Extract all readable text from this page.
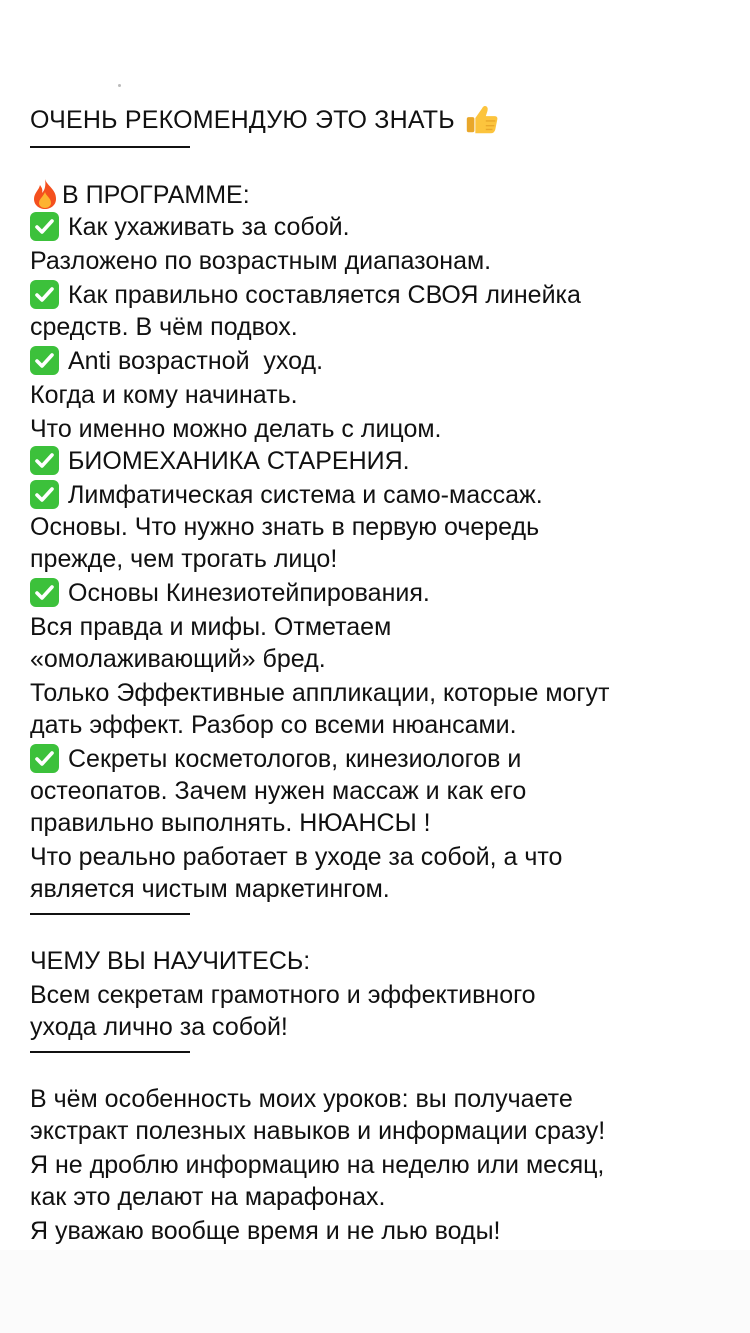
ОЧЕНЬ РЕКОМЕНДУЮ ЭТО ЗНАТЬ
В ПРОГРАММЕ:
Как ухаживать за собой.
Разложено по возрастным диапазонам.
Как правильно составляется СВОЯ линейка
средств. В чём подвох.
Anti возрастной  уход.
Когда и кому начинать.
Что именно можно делать с лицом.
БИОМЕХАНИКА СТАРЕНИЯ.
Лимфатическая система и само-массаж.
Основы. Что нужно знать в первую очередь
прежде, чем трогать лицо!
Основы Кинезиотейпирования.
Вся правда и мифы. Отметаем
«омолаживающий» бред.
Только Эффективные аппликации, которые могут
дать эффект. Разбор со всеми нюансами.
Секреты косметологов, кинезиологов и
остеопатов. Зачем нужен массаж и как его
правильно выполнять. НЮАНСЫ !
Что реально работает в уходе за собой, а что
является чистым маркетингом.
ЧЕМУ ВЫ НАУЧИТЕСЬ:
Всем секретам грамотного и эффективного
ухода лично за собой!
В чём особенность моих уроков: вы получаете
экстракт полезных навыков и информации сразу!
Я не дроблю информацию на неделю или месяц,
как это делают на марафонах.
Я уважаю вообще время и не лью воды!
